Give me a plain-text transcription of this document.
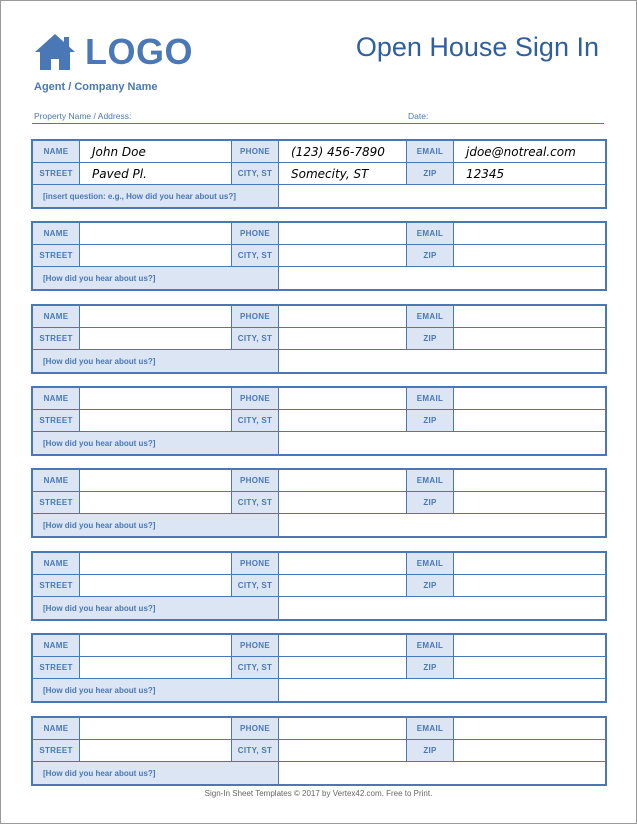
LOGO	Open House Sign In
Agent / Company Name
Property Name / Address:	Date:
NAME	John Doe	PHONE	(123) 456-7890	EMAIL	jdoe@notreal.com
STREET	Paved Pl.	CITY, ST	Somecity, ST	ZIP	12345
[insert question: e.g., How did you hear about us?]
NAME	PHONE	EMAIL
STREET	CITY, ST	ZIP
[How did you hear about us?]
NAME	PHONE	EMAIL
STREET	CITY, ST	ZIP
[How did you hear about us?]
NAME	PHONE	EMAIL
STREET	CITY, ST	ZIP
[How did you hear about us?]
NAME	PHONE	EMAIL
STREET	CITY, ST	ZIP
[How did you hear about us?]
NAME	PHONE	EMAIL
STREET	CITY, ST	ZIP
[How did you hear about us?]
NAME	PHONE	EMAIL
STREET	CITY, ST	ZIP
[How did you hear about us?]
NAME	PHONE	EMAIL
STREET	CITY, ST	ZIP
[How did you hear about us?]
Sign-In Sheet Templates © 2017 by Vertex42.com. Free to Print.
